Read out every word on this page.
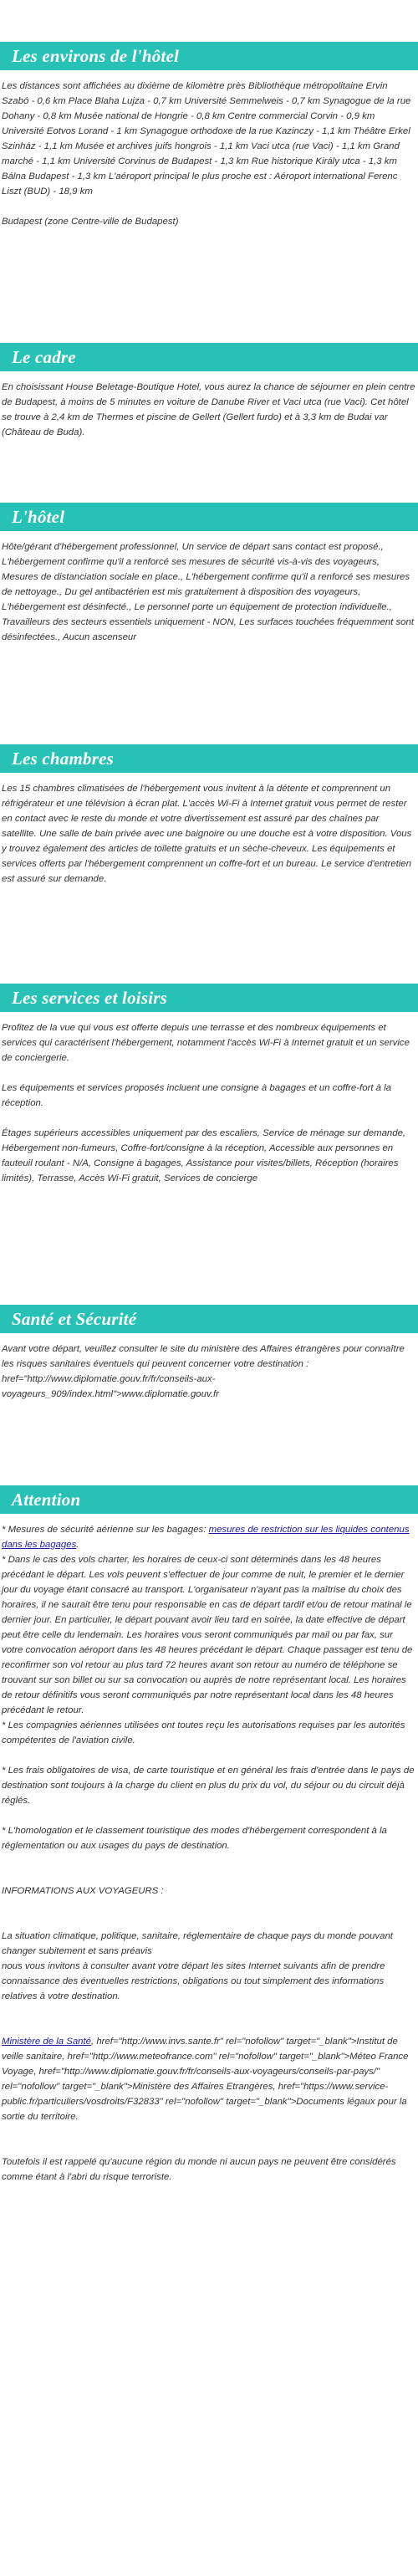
Les environs de l'hôtel

Les distances sont affichées au dixième de kilomètre près Bibliothèque métropolitaine Ervin Szabó - 0,6 km Place Blaha Lujza - 0,7 km Université Semmelweis - 0,7 km Synagogue de la rue Dohany - 0,8 km Musée national de Hongrie - 0,8 km Centre commercial Corvin - 0,9 km Université Eotvos Lorand - 1 km Synagogue orthodoxe de la rue Kazinczy - 1,1 km Théâtre Erkel Szinház - 1,1 km Musée et archives juifs hongrois - 1,1 km Vaci utca (rue Vaci) - 1,1 km Grand marché - 1,1 km Université Corvinus de Budapest - 1,3 km Rue historique Király utca - 1,3 km Bálna Budapest - 1,3 km L'aéroport principal le plus proche est : Aéroport international Ferenc Liszt (BUD) - 18,9 km

Budapest (zone Centre-ville de Budapest)

Le cadre

En choisissant House Beletage-Boutique Hotel, vous aurez la chance de séjourner en plein centre de Budapest, à moins de 5 minutes en voiture de Danube River et Vaci utca (rue Vaci). Cet hôtel se trouve à 2,4 km de Thermes et piscine de Gellert (Gellert furdo) et à 3,3 km de Budai var (Château de Buda).

L'hôtel

Hôte/gérant d'hébergement professionnel, Un service de départ sans contact est proposé., L'hébergement confirme qu'il a renforcé ses mesures de sécurité vis-à-vis des voyageurs, Mesures de distanciation sociale en place., L'hébergement confirme qu'il a renforcé ses mesures de nettoyage., Du gel antibactérien est mis gratuitement à disposition des voyageurs, L'hébergement est désinfecté., Le personnel porte un équipement de protection individuelle., Travailleurs des secteurs essentiels uniquement - NON, Les surfaces touchées fréquemment sont désinfectées., Aucun ascenseur

Les chambres

Les 15 chambres climatisées de l'hébergement vous invitent à la détente et comprennent un réfrigérateur et une télévision à écran plat. L'accès Wi-Fi à Internet gratuit vous permet de rester en contact avec le reste du monde et votre divertissement est assuré par des chaînes par satellite. Une salle de bain privée avec une baignoire ou une douche est à votre disposition. Vous y trouvez également des articles de toilette gratuits et un sèche-cheveux. Les équipements et services offerts par l'hébergement comprennent un coffre-fort et un bureau. Le service d'entretien est assuré sur demande.

Les services et loisirs

Profitez de la vue qui vous est offerte depuis une terrasse et des nombreux équipements et services qui caractérisent l'hébergement, notamment l'accès Wi-Fi à Internet gratuit et un service de conciergerie.

Les équipements et services proposés incluent une consigne à bagages et un coffre-fort à la réception.

Étages supérieurs accessibles uniquement par des escaliers, Service de ménage sur demande, Hébergement non-fumeurs, Coffre-fort/consigne à la réception, Accessible aux personnes en fauteuil roulant - N/A, Consigne à bagages, Assistance pour visites/billets, Réception (horaires limités), Terrasse, Accès Wi-Fi gratuit, Services de concierge

Santé et Sécurité

Avant votre départ, veuillez consulter le site du ministère des Affaires étrangères pour connaître les risques sanitaires éventuels qui peuvent concerner votre destination : href="http://www.diplomatie.gouv.fr/fr/conseils-aux-voyageurs_909/index.html">www.diplomatie.gouv.fr

Attention

* Mesures de sécurité aérienne sur les bagages: mesures de restriction sur les liquides contenus dans les bagages.

* Dans le cas des vols charter, les horaires de ceux-ci sont déterminés dans les 48 heures précédant le départ. Les vols peuvent s'effectuer de jour comme de nuit, le premier et le dernier jour du voyage étant consacré au transport. L'organisateur n'ayant pas la maîtrise du choix des horaires, il ne saurait être tenu pour responsable en cas de départ tardif et/ou de retour matinal le dernier jour. En particulier, le départ pouvant avoir lieu tard en soirée, la date effective de départ peut être celle du lendemain. Les horaires vous seront communiqués par mail ou par fax, sur votre convocation aéroport dans les 48 heures précédant le départ. Chaque passager est tenu de reconfirmer son vol retour au plus tard 72 heures avant son retour au numéro de téléphone se trouvant sur son billet ou sur sa convocation ou auprès de notre représentant local. Les horaires de retour définitifs vous seront communiqués par notre représentant local dans les 48 heures précédant le retour.

* Les compagnies aériennes utilisées ont toutes reçu les autorisations requises par les autorités compétentes de l'aviation civile.

* Les frais obligatoires de visa, de carte touristique et en général les frais d'entrée dans le pays de destination sont toujours à la charge du client en plus du prix du vol, du séjour ou du circuit déjà réglés.

* L'homologation et le classement touristique des modes d'hébergement correspondent à la réglementation ou aux usages du pays de destination.

INFORMATIONS AUX VOYAGEURS :

La situation climatique, politique, sanitaire, réglementaire de chaque pays du monde pouvant changer subitement et sans préavis
nous vous invitons à consulter avant votre départ les sites Internet suivants afin de prendre connaissance des éventuelles restrictions, obligations ou tout simplement des informations relatives à votre destination.

Ministère de la Santé, href="http://www.invs.sante.fr" rel="nofollow" target="_blank">Institut de veille sanitaire, href="http://www.meteofrance.com" rel="nofollow" target="_blank">Méteo France Voyage, href="http://www.diplomatie.gouv.fr/fr/conseils-aux-voyageurs/conseils-par-pays/" rel="nofollow" target="_blank">Ministère des Affaires Etrangères, href="https://www.service-public.fr/particuliers/vosdroits/F32833" rel="nofollow" target="_blank">Documents légaux pour la sortie du territoire.

Toutefois il est rappelé qu'aucune région du monde ni aucun pays ne peuvent être considérés comme étant à l'abri du risque terroriste.
